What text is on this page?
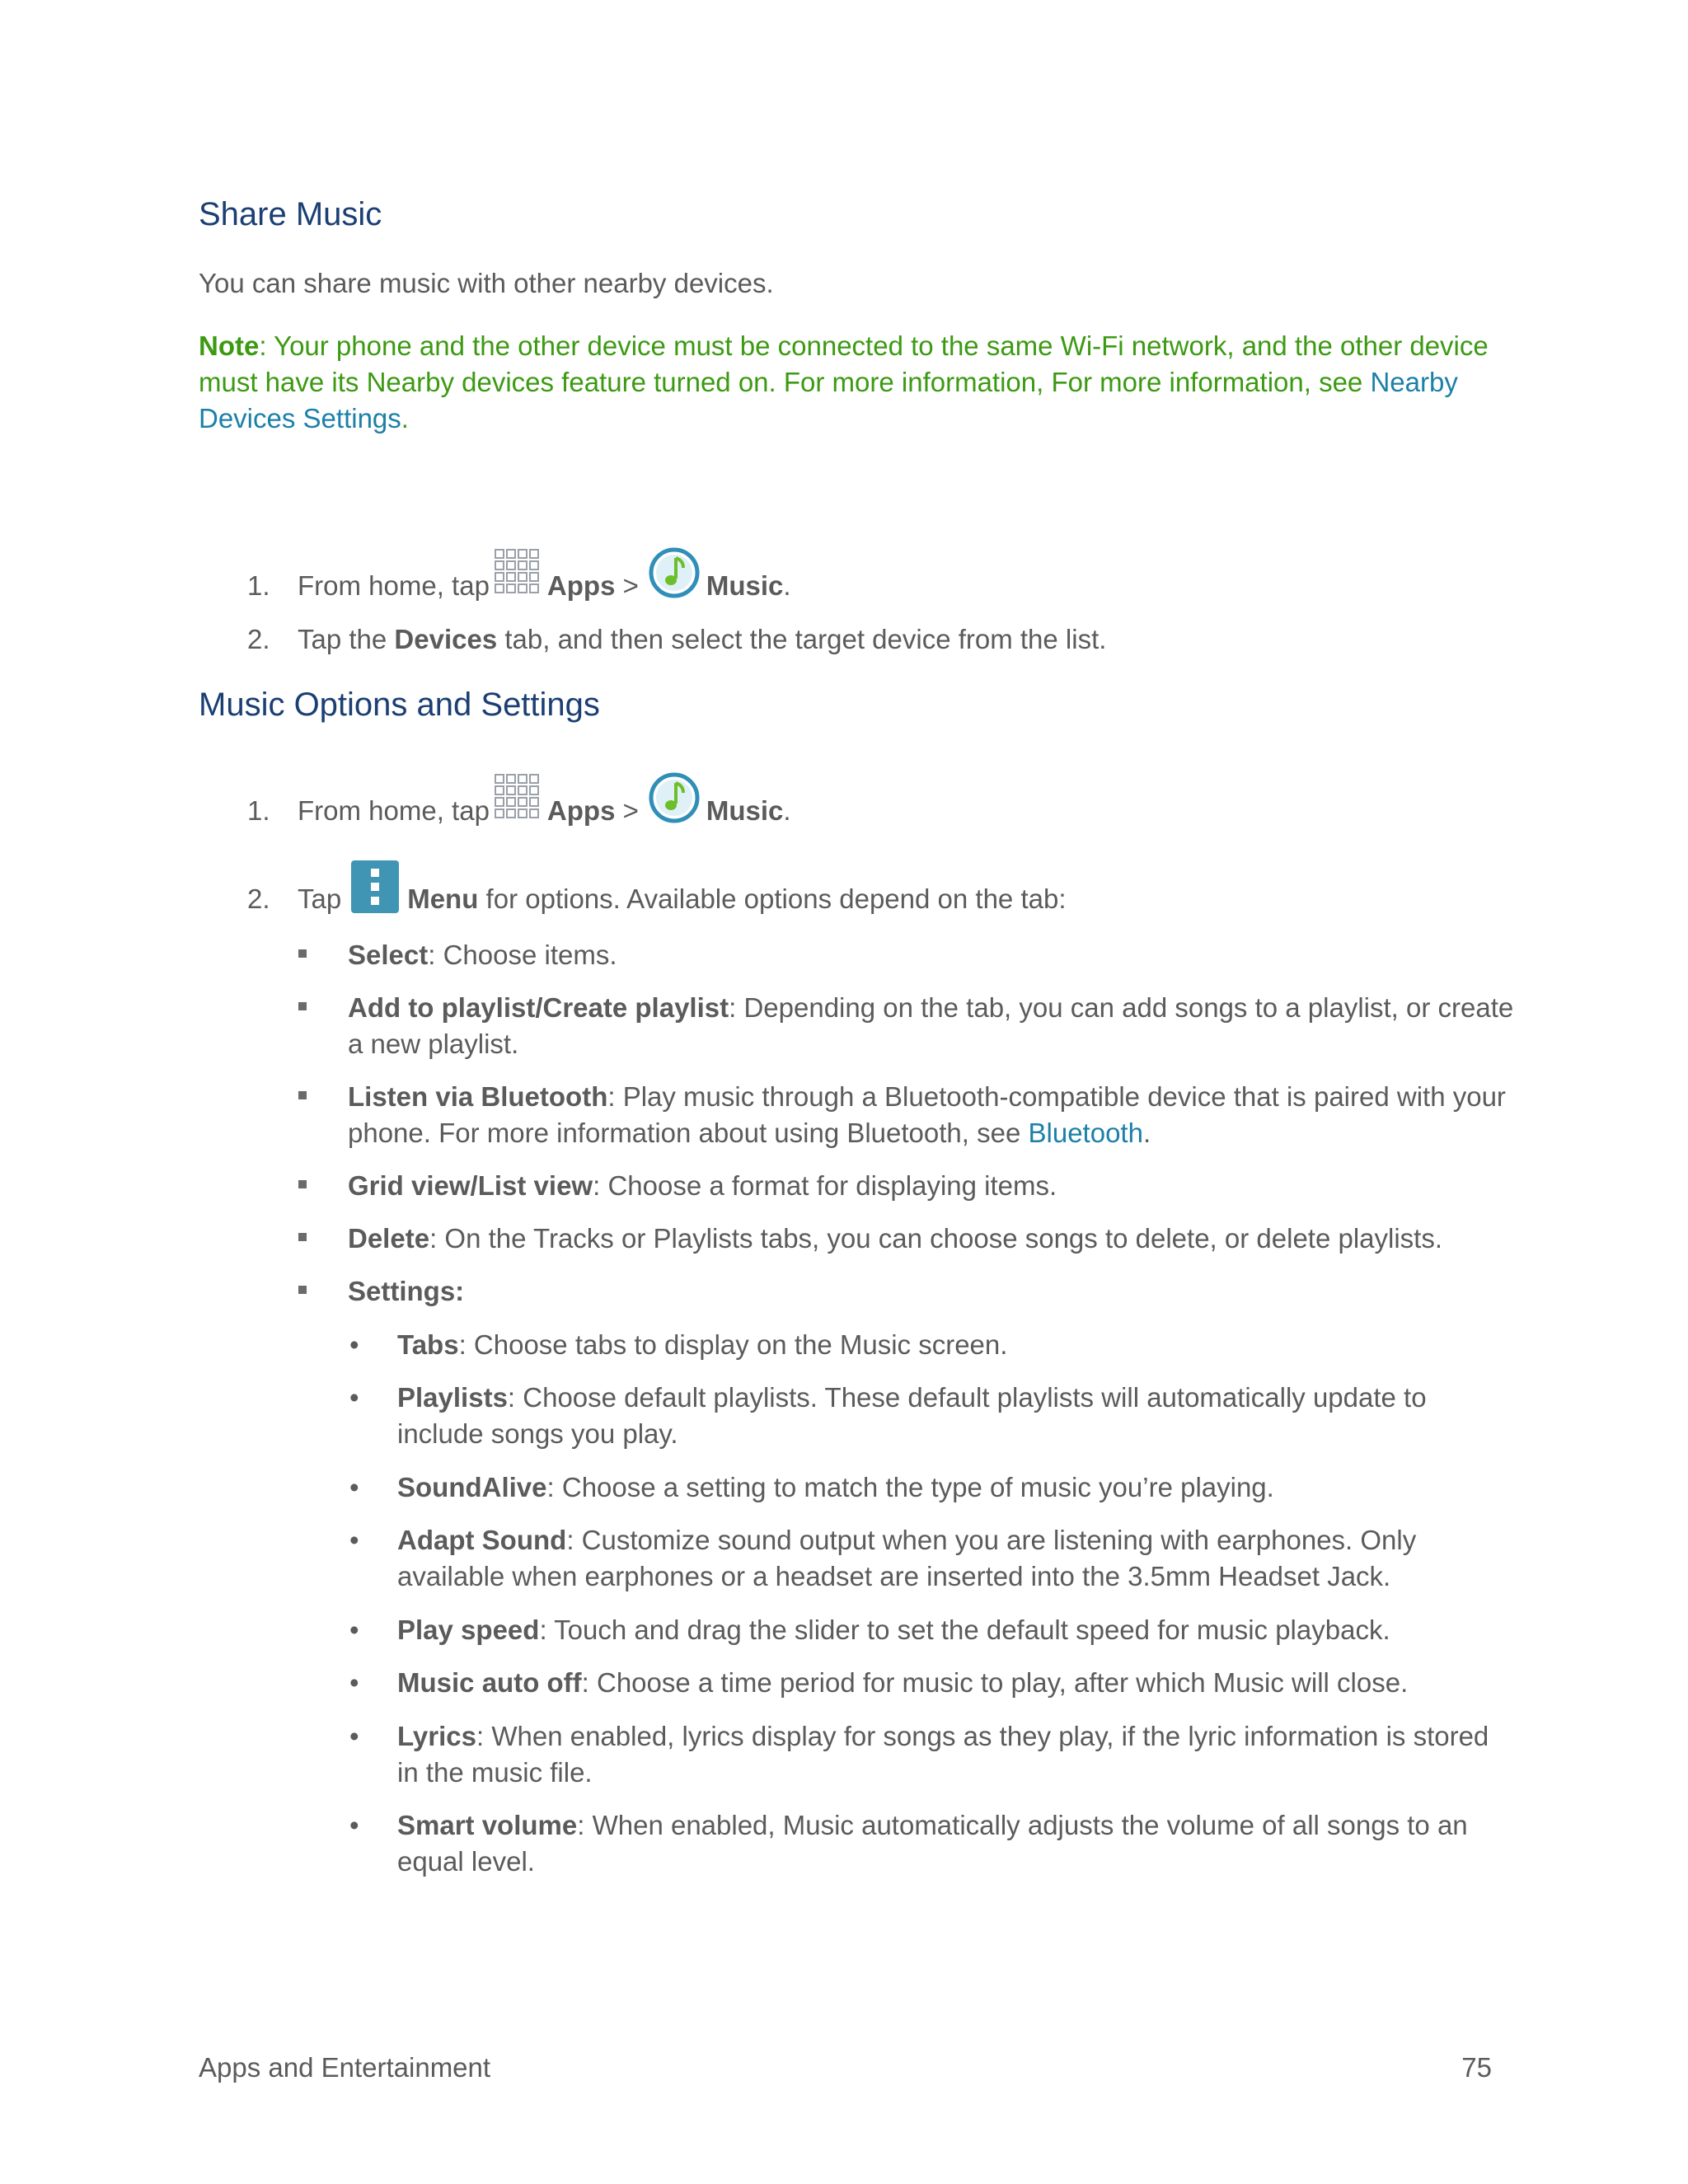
Share Music

You can share music with other nearby devices.

Note: Your phone and the other device must be connected to the same Wi-Fi network, and the other device must have its Nearby devices feature turned on. For more information, For more information, see Nearby Devices Settings.

1. From home, tap Apps > Music.
2. Tap the Devices tab, and then select the target device from the list.
Music Options and Settings
1. From home, tap Apps > Music.
2. Tap Menu for options. Available options depend on the tab:
Select: Choose items.
Add to playlist/Create playlist: Depending on the tab, you can add songs to a playlist, or create a new playlist.
Listen via Bluetooth: Play music through a Bluetooth-compatible device that is paired with your phone. For more information about using Bluetooth, see Bluetooth.
Grid view/List view: Choose a format for displaying items.
Delete: On the Tracks or Playlists tabs, you can choose songs to delete, or delete playlists.
Settings:
• Tabs: Choose tabs to display on the Music screen.
• Playlists: Choose default playlists. These default playlists will automatically update to include songs you play.
• SoundAlive: Choose a setting to match the type of music you’re playing.
• Adapt Sound: Customize sound output when you are listening with earphones. Only available when earphones or a headset are inserted into the 3.5mm Headset Jack.
• Play speed: Touch and drag the slider to set the default speed for music playback.
• Music auto off: Choose a time period for music to play, after which Music will close.
• Lyrics: When enabled, lyrics display for songs as they play, if the lyric information is stored in the music file.
• Smart volume: When enabled, Music automatically adjusts the volume of all songs to an equal level.
Apps and Entertainment	75
